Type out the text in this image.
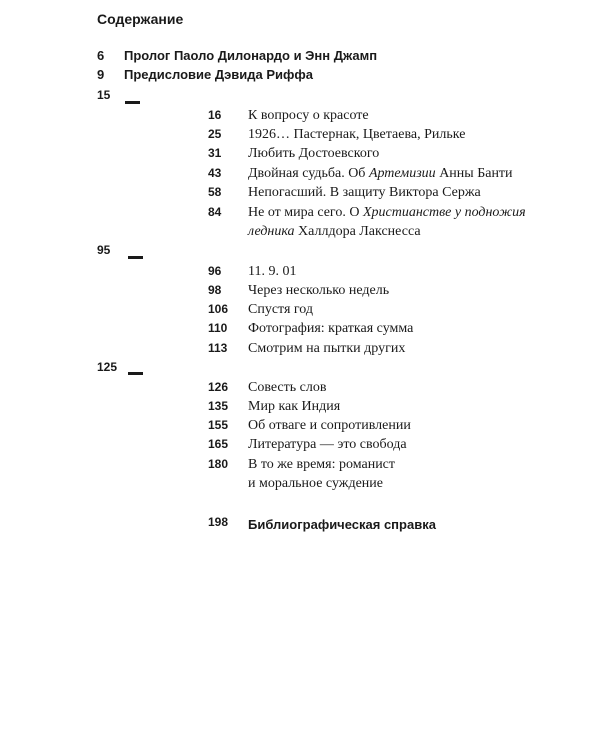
Содержание
6 Пролог Паоло Дилонардо и Энн Джамп
9 Предисловие Дэвида Риффа
15
16 К вопросу о красоте
25 1926… Пастернак, Цветаева, Рильке
31 Любить Достоевского
43 Двойная судьба. Об Артемизии Анны Банти
58 Непогасший. В защиту Виктора Сержа
84 Не от мира сего. О Христианстве у подножия
ледника Халлдора Лакснесса
95
96 11. 9. 01
98 Через несколько недель
106 Спустя год
110 Фотография: краткая сумма
113 Смотрим на пытки других
125
126 Совесть слов
135 Мир как Индия
155 Об отваге и сопротивлении
165 Литература — это свобода
180 В то же время: романист
и моральное суждение
198 Библиографическая справка
